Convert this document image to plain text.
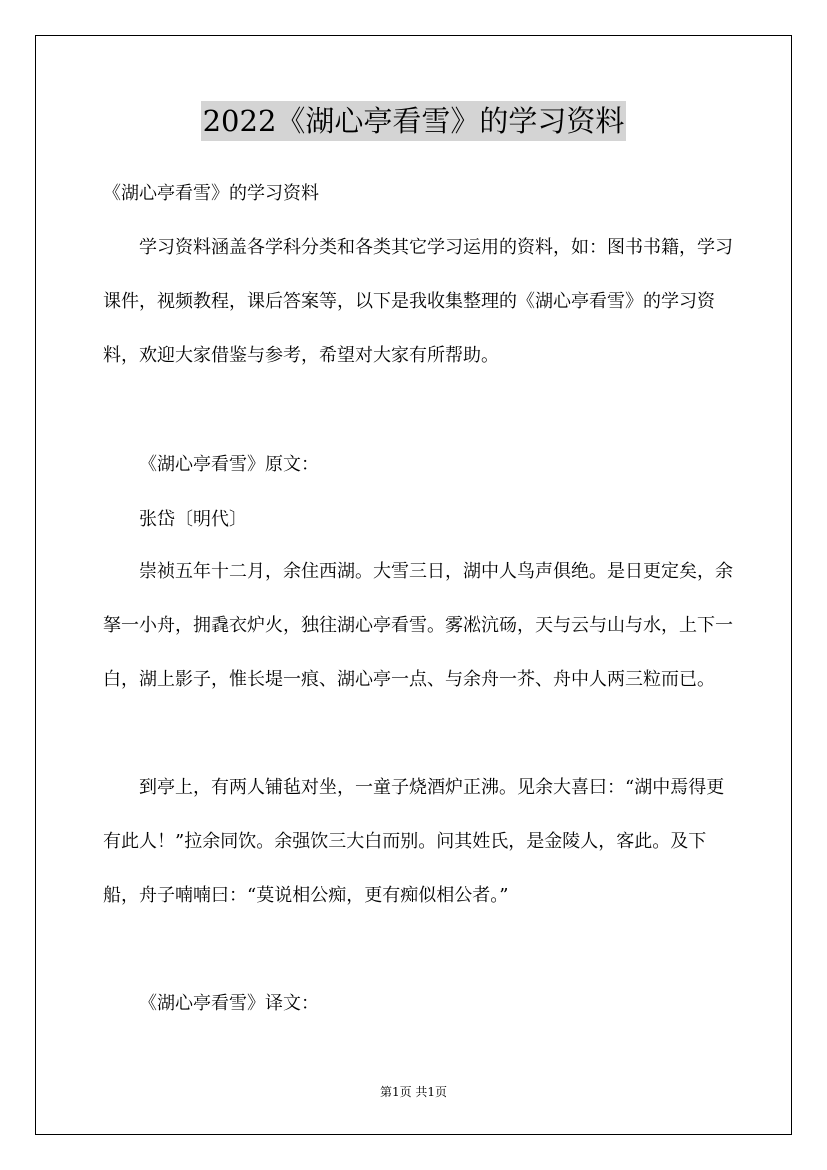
2022《湖心亭看雪》的学习资料

《湖心亭看雪》的学习资料

学习资料涵盖各学科分类和各类其它学习运用的资料，如：图书书籍，学习课件，视频教程，课后答案等，以下是我收集整理的《湖心亭看雪》的学习资料，欢迎大家借鉴与参考，希望对大家有所帮助。

《湖心亭看雪》原文：

张岱〔明代〕

崇祯五年十二月，余住西湖。大雪三日，湖中人鸟声俱绝。是日更定矣，余拏一小舟，拥毳衣炉火，独往湖心亭看雪。雾凇沆砀，天与云与山与水，上下一白，湖上影子，惟长堤一痕、湖心亭一点、与余舟一芥、舟中人两三粒而已。

到亭上，有两人铺毡对坐，一童子烧酒炉正沸。见余大喜曰：“湖中焉得更有此人！”拉余同饮。余强饮三大白而别。问其姓氏，是金陵人，客此。及下船，舟子喃喃曰：“莫说相公痴，更有痴似相公者。”

《湖心亭看雪》译文：

第1页 共1页
